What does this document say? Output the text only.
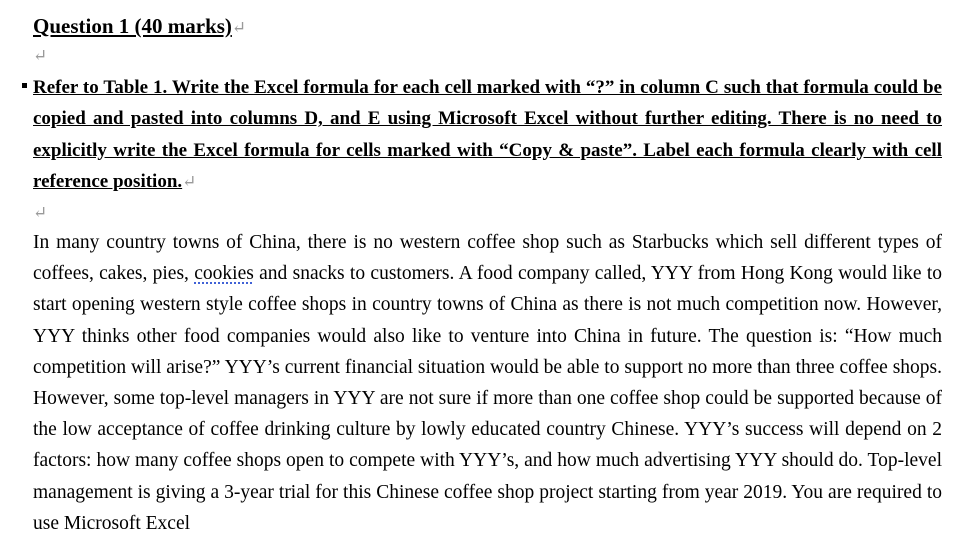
Question 1 (40 marks)↵
↵
Refer to Table 1. Write the Excel formula for each cell marked with “?” in column C such that formula could be copied and pasted into columns D, and E using Microsoft Excel without further editing. There is no need to explicitly write the Excel formula for cells marked with “Copy & paste”. Label each formula clearly with cell reference position.↵
↵
In many country towns of China, there is no western coffee shop such as Starbucks which sell different types of coffees, cakes, pies, cookies and snacks to customers. A food company called, YYY from Hong Kong would like to start opening western style coffee shops in country towns of China as there is not much competition now. However, YYY thinks other food companies would also like to venture into China in future. The question is: “How much competition will arise?” YYY’s current financial situation would be able to support no more than three coffee shops. However, some top-level managers in YYY are not sure if more than one coffee shop could be supported because of the low acceptance of coffee drinking culture by lowly educated country Chinese. YYY’s success will depend on 2 factors: how many coffee shops open to compete with YYY’s, and how much advertising YYY should do. Top-level management is giving a 3-year trial for this Chinese coffee shop project starting from year 2019. You are required to use Microsoft Excel
